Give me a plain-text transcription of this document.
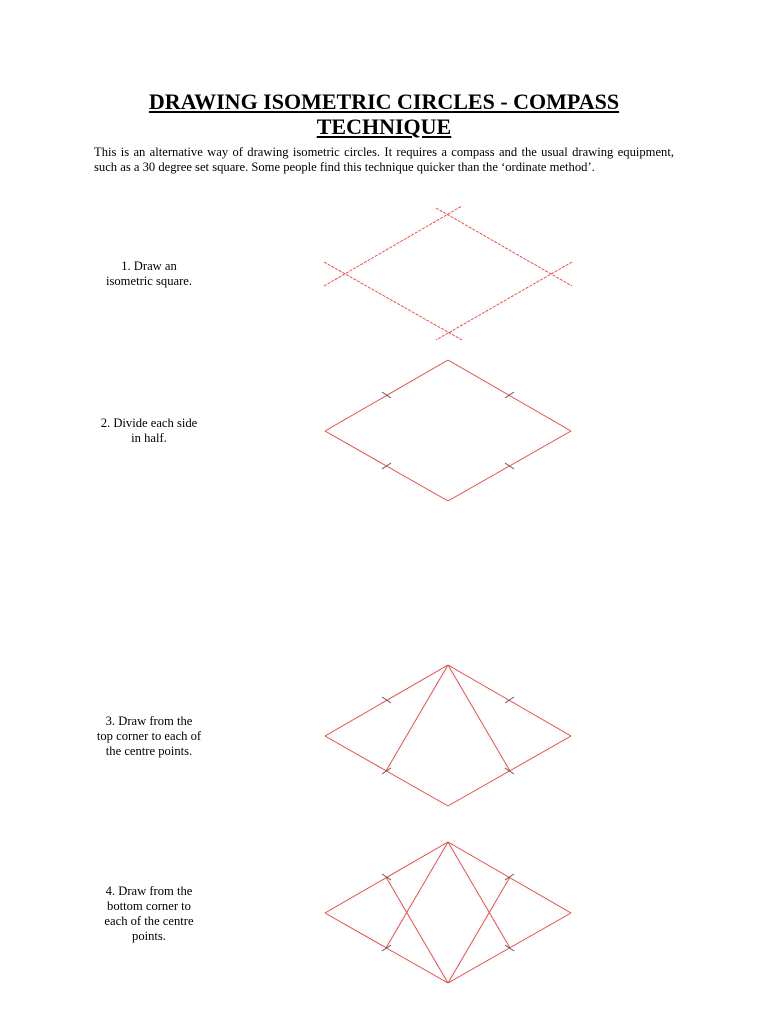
DRAWING ISOMETRIC CIRCLES - COMPASS
TECHNIQUE

This is an alternative way of drawing isometric circles. It requires a compass and the usual drawing equipment, such as a 30 degree set square. Some people find this technique quicker than the ‘ordinate method’.

1. Draw an
isometric square.

2. Divide each side
in half.

3. Draw from the
top corner to each of
the centre points.

4. Draw from the
bottom corner to
each of the centre
points.
